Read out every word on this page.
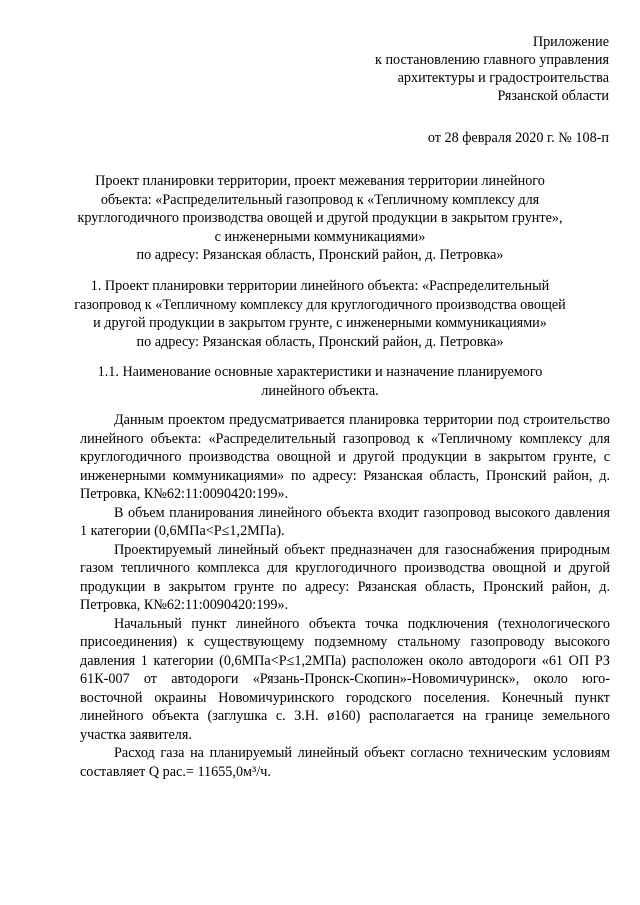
Приложение
к постановлению главного управления
архитектуры и градостроительства
Рязанской области
от 28 февраля 2020 г. № 108-п
Проект планировки территории, проект межевания территории линейного
объекта: «Распределительный газопровод к «Тепличному комплексу для
круглогодичного производства овощей и другой продукции в закрытом грунте»,
с инженерными коммуникациями»
по адресу: Рязанская область, Пронский район, д. Петровка»
1. Проект планировки территории линейного объекта: «Распределительный
газопровод к «Тепличному комплексу для круглогодичного производства овощей
и другой продукции в закрытом грунте, с инженерными коммуникациями»
по адресу: Рязанская область, Пронский район, д. Петровка»
1.1. Наименование основные характеристики и назначение планируемого
линейного объекта.

Данным проектом предусматривается планировка территории под строительство линейного объекта: «Распределительный газопровод к «Тепличному комплексу для круглогодичного производства овощной и другой продукции в закрытом грунте, с инженерными коммуникациями» по адресу: Рязанская область, Пронский район, д. Петровка, К№62:11:0090420:199».

В объем планирования линейного объекта входит газопровод высокого давления 1 категории (0,6МПа<Р≤1,2МПа).

Проектируемый линейный объект предназначен для газоснабжения природным газом тепличного комплекса для круглогодичного производства овощной и другой продукции в закрытом грунте по адресу: Рязанская область, Пронский район, д. Петровка, К№62:11:0090420:199».

Начальный пункт линейного объекта точка подключения (технологического присоединения) к существующему подземному стальному газопроводу высокого давления 1 категории (0,6МПа<Р≤1,2МПа) расположен около автодороги «61 ОП РЗ 61К-007 от автодороги «Рязань-Пронск-Скопин»-Новомичуринск», около юго-восточной окраины Новомичуринского городского поселения. Конечный пункт линейного объекта (заглушка с. З.Н. ø160) располагается на границе земельного участка заявителя.

Расход газа на планируемый линейный объект согласно техническим условиям составляет Q рас.= 11655,0м³/ч.
